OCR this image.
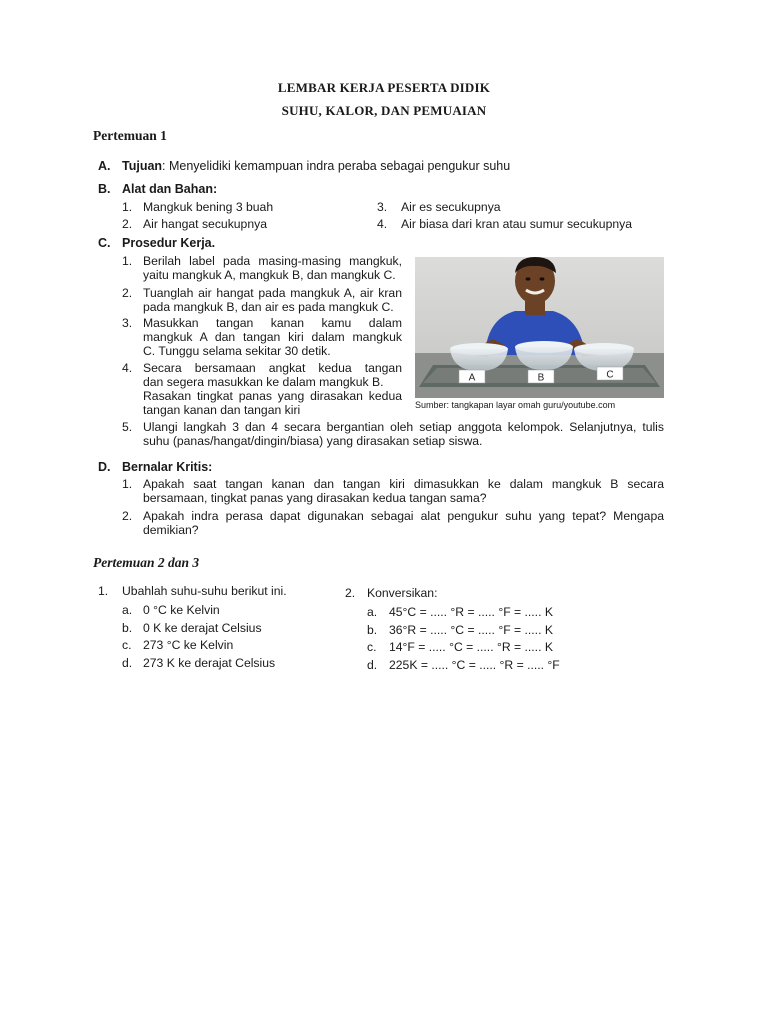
LEMBAR KERJA PESERTA DIDIK
SUHU, KALOR, DAN PEMUAIAN
Pertemuan 1
A. Tujuan: Menyelidiki kemampuan indra peraba sebagai pengukur suhu
B. Alat dan Bahan:
1. Mangkuk bening 3 buah
2. Air hangat secukupnya
3. Air es secukupnya
4. Air biasa dari kran atau sumur secukupnya
C. Prosedur Kerja.
1. Berilah label pada masing-masing mangkuk,
yaitu mangkuk A, mangkuk B, dan mangkuk C.
2. Tuanglah air hangat pada mangkuk A, air kran
pada mangkuk B, dan air es pada mangkuk C.
3. Masukkan tangan kanan kamu dalam
mangkuk A dan tangan kiri dalam mangkuk
C. Tunggu selama sekitar 30 detik.
4. Secara bersamaan angkat kedua tangan
dan segera masukkan ke dalam mangkuk B.
Rasakan tingkat panas yang dirasakan kedua
tangan kanan dan tangan kiri
A	B	C
Sumber: tangkapan layar omah guru/youtube.com
5. Ulangi langkah 3 dan 4 secara bergantian oleh setiap anggota kelompok. Selanjutnya, tulis
suhu (panas/hangat/dingin/biasa) yang dirasakan setiap siswa.
D. Bernalar Kritis:
1. Apakah saat tangan kanan dan tangan kiri dimasukkan ke dalam mangkuk B secara
bersamaan, tingkat panas yang dirasakan kedua tangan sama?
2. Apakah indra perasa dapat digunakan sebagai alat pengukur suhu yang tepat? Mengapa
demikian?
Pertemuan 2 dan 3
1. Ubahlah suhu-suhu berikut ini.
a. 0 °C ke Kelvin
b. 0 K ke derajat Celsius
c. 273 °C ke Kelvin
d. 273 K ke derajat Celsius
2. Konversikan:
a. 45°C = ..... °R = ..... °F = ..... K
b. 36°R = ..... °C = ..... °F = ..... K
c. 14°F = ..... °C = ..... °R = ..... K
d. 225K = ..... °C = ..... °R = ..... °F
